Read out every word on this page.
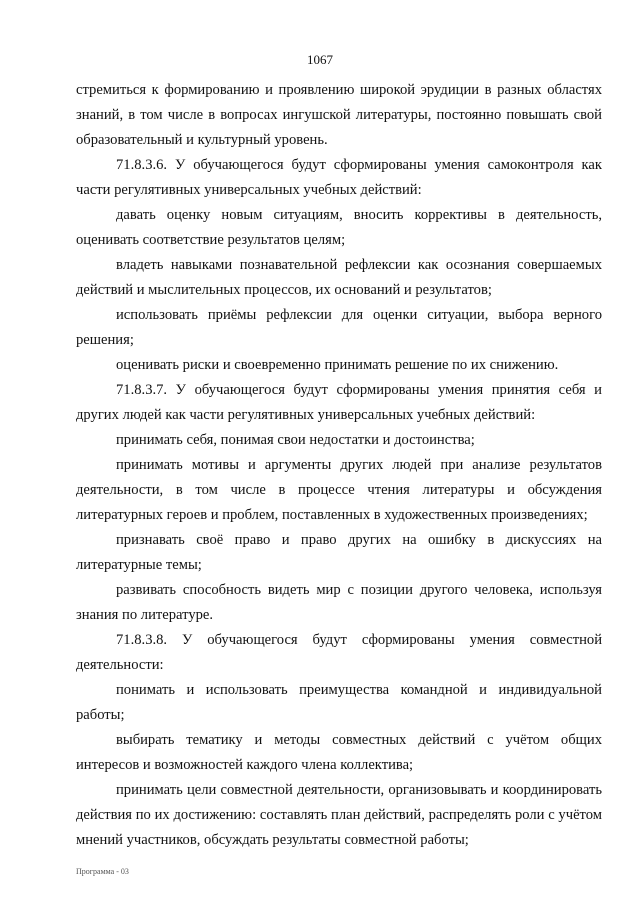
1067

стремиться к формированию и проявлению широкой эрудиции в разных областях знаний, в том числе в вопросах ингушской литературы, постоянно повышать свой образовательный и культурный уровень.

71.8.3.6. У обучающегося будут сформированы умения самоконтроля как части регулятивных универсальных учебных действий:

давать оценку новым ситуациям, вносить коррективы в деятельность, оценивать соответствие результатов целям;

владеть навыками познавательной рефлексии как осознания совершаемых действий и мыслительных процессов, их оснований и результатов;

использовать приёмы рефлексии для оценки ситуации, выбора верного решения;

оценивать риски и своевременно принимать решение по их снижению.

71.8.3.7. У обучающегося будут сформированы умения принятия себя и других людей как части регулятивных универсальных учебных действий:

принимать себя, понимая свои недостатки и достоинства;

принимать мотивы и аргументы других людей при анализе результатов деятельности, в том числе в процессе чтения литературы и обсуждения литературных героев и проблем, поставленных в художественных произведениях;

признавать своё право и право других на ошибку в дискуссиях на литературные темы;

развивать способность видеть мир с позиции другого человека, используя знания по литературе.

71.8.3.8. У обучающегося будут сформированы умения совместной деятельности:

понимать и использовать преимущества командной и индивидуальной работы;

выбирать тематику и методы совместных действий с учётом общих интересов и возможностей каждого члена коллектива;

принимать цели совместной деятельности, организовывать и координировать действия по их достижению: составлять план действий, распределять роли с учётом мнений участников, обсуждать результаты совместной работы;

Программа - 03
